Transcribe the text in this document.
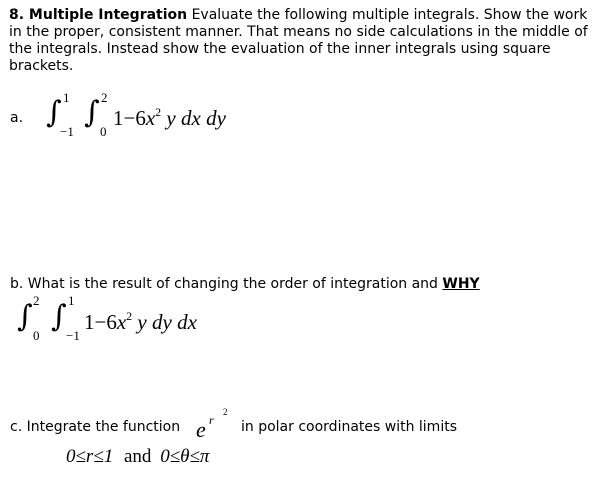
8. Multiple Integration Evaluate the following multiple integrals. Show the work in the proper, consistent manner. That means no side calculations in the middle of the integrals. Instead show the evaluation of the inner integrals using square brackets.
a. ∫ 1
−1
∫ 2
0
$1-6x^2$ y dx dy
b. What is the result of changing the order of integration and WHY
∫ 2
0
∫ 1
−1
$1-6x^2$ y dy dx
c. Integrate the function e r
2
in polar coordinates with limits
0≤r≤1 and 0≤θ≤π
